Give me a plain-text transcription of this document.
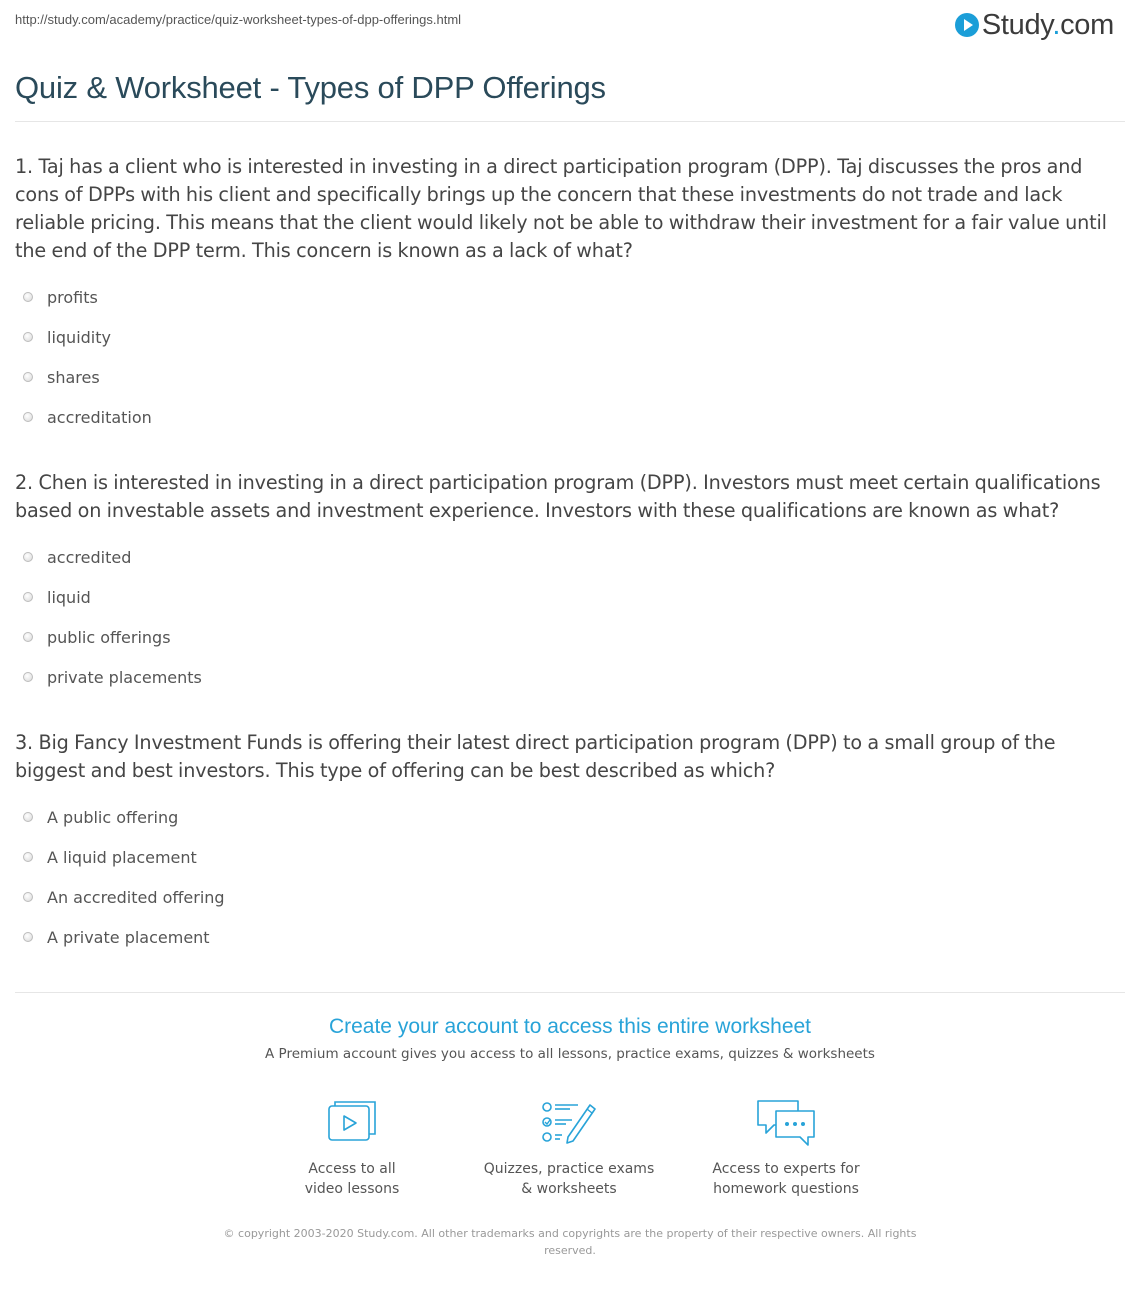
http://study.com/academy/practice/quiz-worksheet-types-of-dpp-offerings.html	Study.com
Quiz & Worksheet - Types of DPP Offerings

1. Taj has a client who is interested in investing in a direct participation program (DPP). Taj discusses the pros and cons of DPPs with his client and specifically brings up the concern that these investments do not trade and lack reliable pricing. This means that the client would likely not be able to withdraw their investment for a fair value until the end of the DPP term. This concern is known as a lack of what?

profits
liquidity
shares
accreditation

2. Chen is interested in investing in a direct participation program (DPP). Investors must meet certain qualifications based on investable assets and investment experience. Investors with these qualifications are known as what?

accredited
liquid
public offerings
private placements

3. Big Fancy Investment Funds is offering their latest direct participation program (DPP) to a small group of the biggest and best investors. This type of offering can be best described as which?

A public offering
A liquid placement
An accredited offering
A private placement
Create your account to access this entire worksheet
A Premium account gives you access to all lessons, practice exams, quizzes & worksheets
Access to all
video lessons
Quizzes, practice exams
& worksheets
Access to experts for
homework questions
© copyright 2003-2020 Study.com. All other trademarks and copyrights are the property of their respective owners. All rights
reserved.
